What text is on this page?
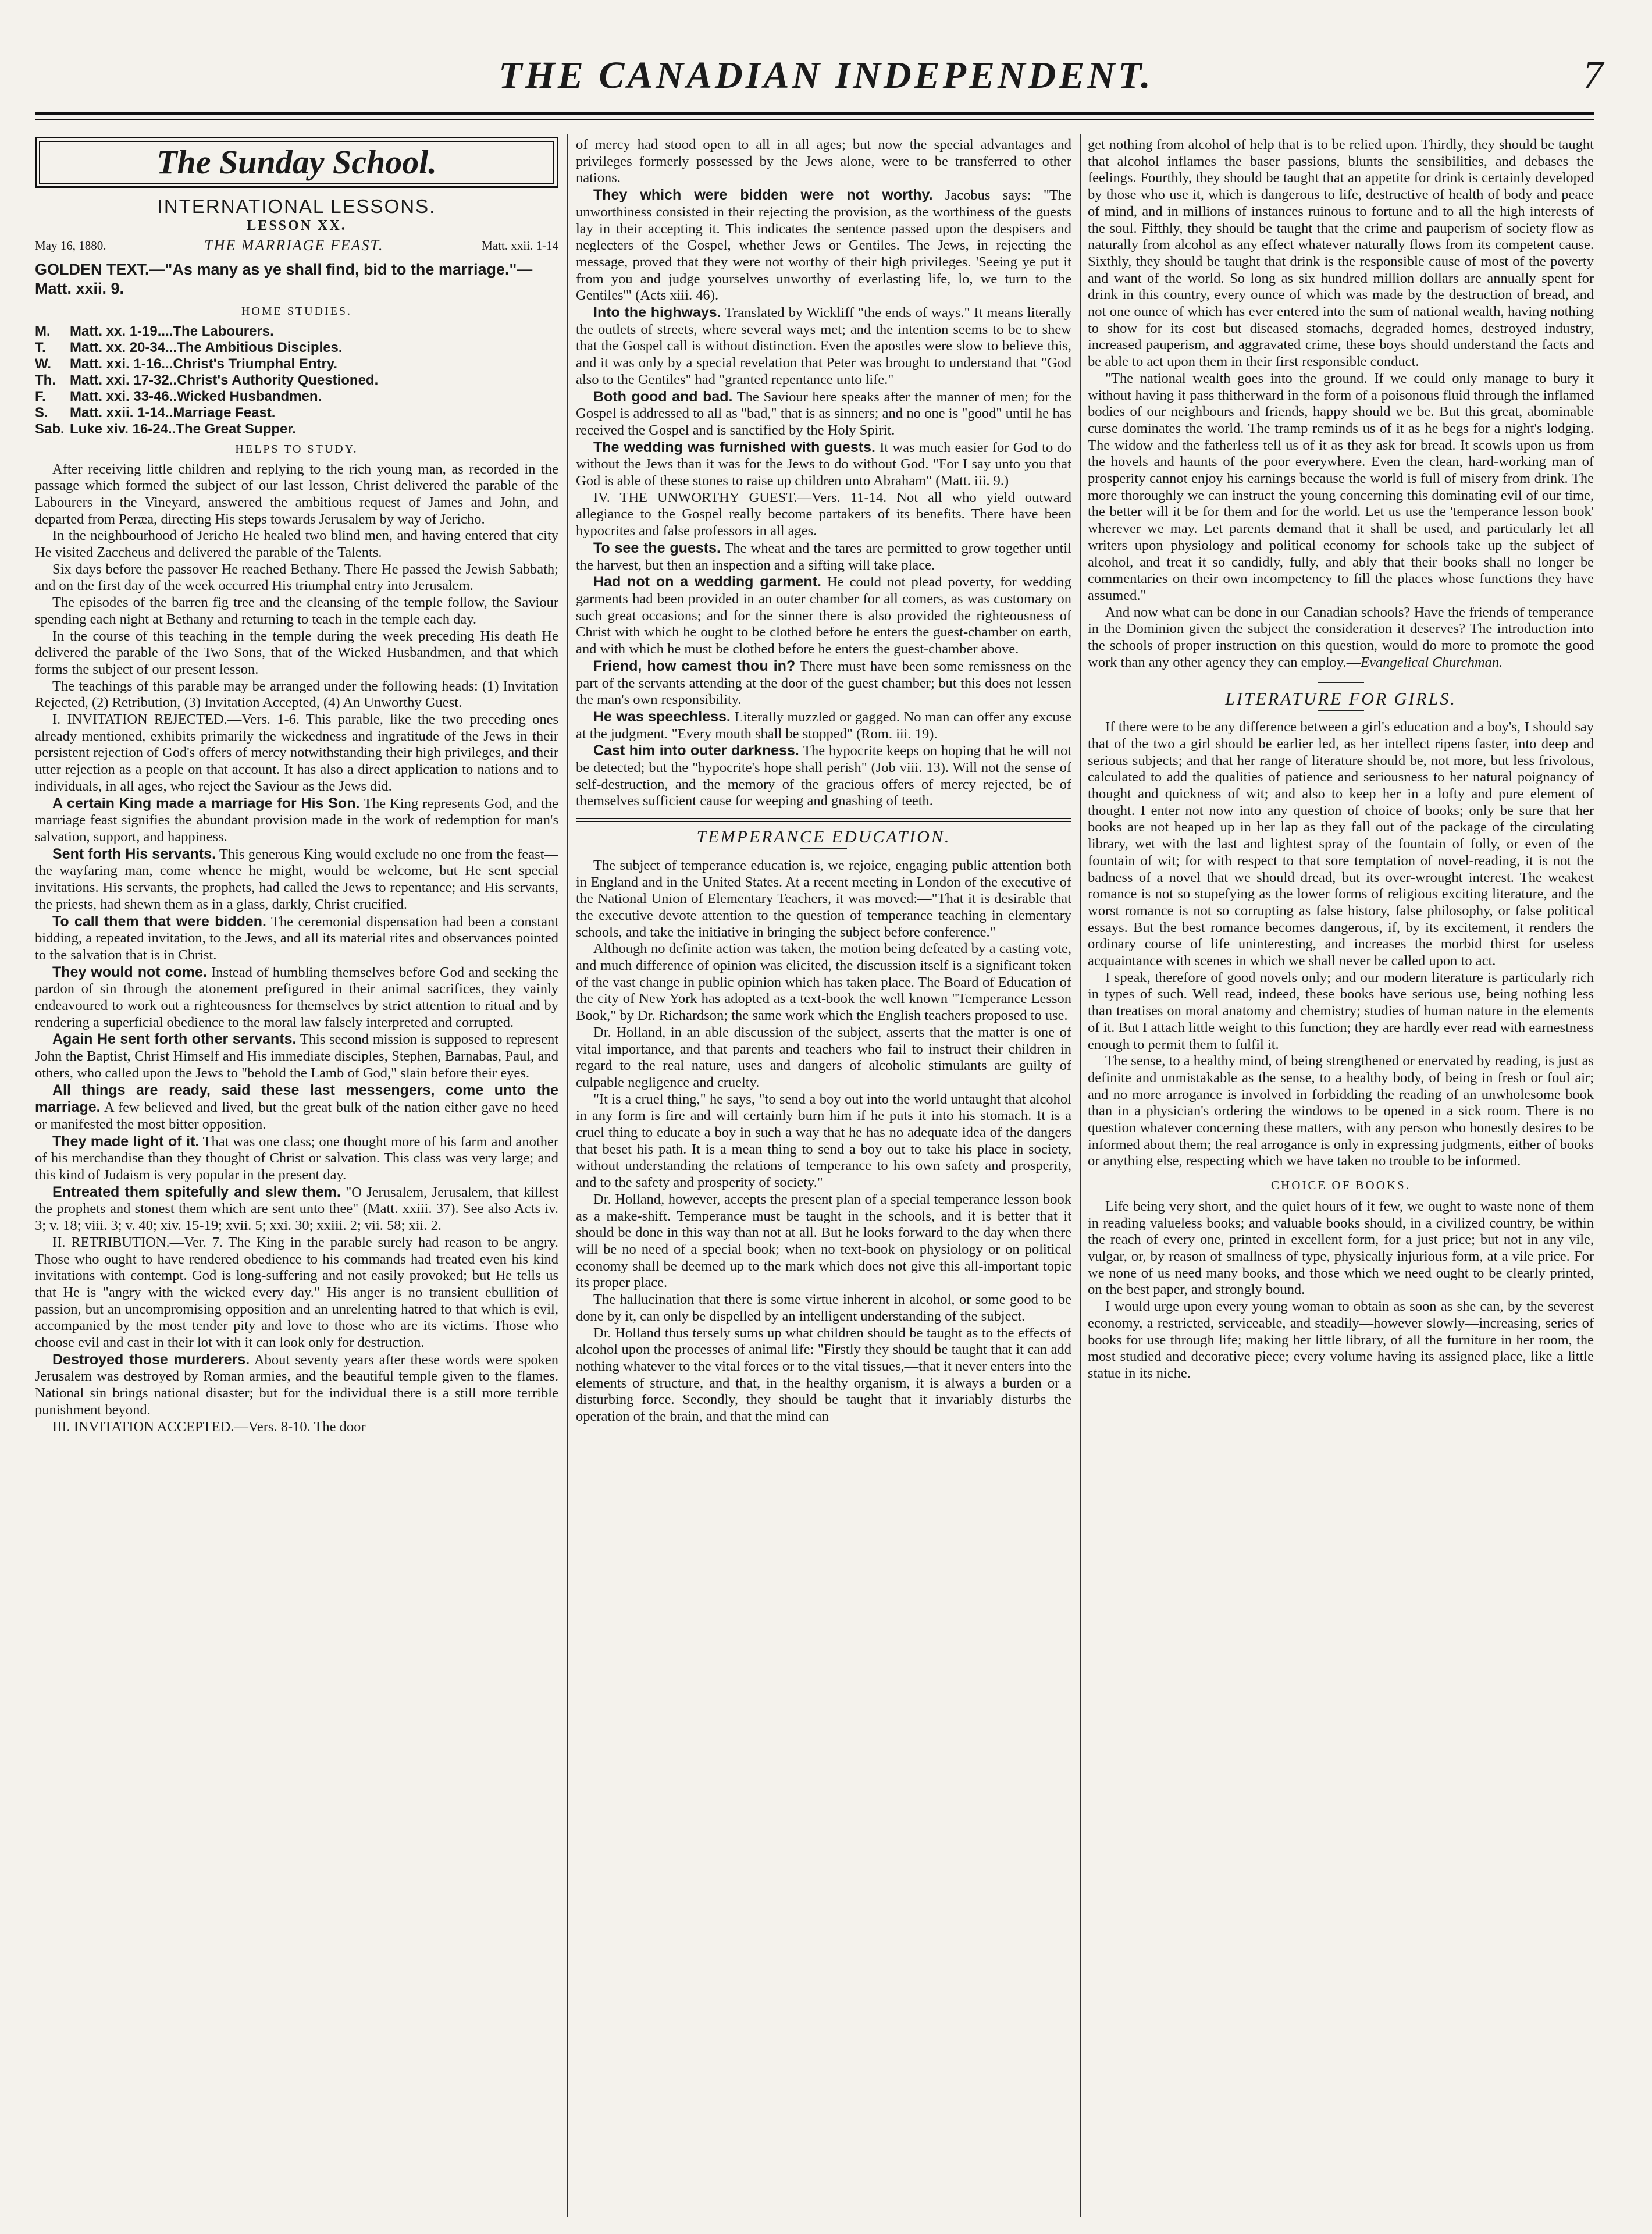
THE CANADIAN INDEPENDENT.	7
The Sunday School.
INTERNATIONAL LESSONS.
LESSON XX.
May 16, 1880.	THE MARRIAGE FEAST.	Matt. xxii. 1-14
GOLDEN TEXT.—"As many as ye shall find, bid to the marriage."—Matt. xxii. 9.
HOME STUDIES.
M.	Matt. xx. 1-19....The Labourers.
T.	Matt. xx. 20-34...The Ambitious Disciples.
W.	Matt. xxi. 1-16...Christ's Triumphal Entry.
Th.	Matt. xxi. 17-32..Christ's Authority Questioned.
F.	Matt. xxi. 33-46..Wicked Husbandmen.
S.	Matt. xxii. 1-14..Marriage Feast.
Sab. Luke xiv. 16-24..The Great Supper.
HELPS TO STUDY.

After receiving little children and replying to the rich young man, as recorded in the passage which formed the subject of our last lesson, Christ delivered the parable of the Labourers in the Vineyard, answered the ambitious request of James and John, and departed from Peræa, directing His steps towards Jerusalem by way of Jericho.

In the neighbourhood of Jericho He healed two blind men, and having entered that city He visited Zaccheus and delivered the parable of the Talents.

Six days before the passover He reached Bethany. There He passed the Jewish Sabbath; and on the first day of the week occurred His triumphal entry into Jerusalem.

The episodes of the barren fig tree and the cleansing of the temple follow, the Saviour spending each night at Bethany and returning to teach in the temple each day.

In the course of this teaching in the temple during the week preceding His death He delivered the parable of the Two Sons, that of the Wicked Husbandmen, and that which forms the subject of our present lesson.

The teachings of this parable may be arranged under the following heads: (1) Invitation Rejected, (2) Retribution, (3) Invitation Accepted, (4) An Unworthy Guest.

I. INVITATION REJECTED.—Vers. 1-6. This parable, like the two preceding ones already mentioned, exhibits primarily the wickedness and ingratitude of the Jews in their persistent rejection of God's offers of mercy notwithstanding their high privileges, and their utter rejection as a people on that account. It has also a direct application to nations and to individuals, in all ages, who reject the Saviour as the Jews did.

A certain King made a marriage for His Son. The King represents God, and the marriage feast signifies the abundant provision made in the work of redemption for man's salvation, support, and happiness.

Sent forth His servants. This generous King would exclude no one from the feast—the wayfaring man, come whence he might, would be welcome, but He sent special invitations. His servants, the prophets, had called the Jews to repentance; and His servants, the priests, had shewn them as in a glass, darkly, Christ crucified.

To call them that were bidden. The ceremonial dispensation had been a constant bidding, a repeated invitation, to the Jews, and all its material rites and observances pointed to the salvation that is in Christ.

They would not come. Instead of humbling themselves before God and seeking the pardon of sin through the atonement prefigured in their animal sacrifices, they vainly endeavoured to work out a righteousness for themselves by strict attention to ritual and by rendering a superficial obedience to the moral law falsely interpreted and corrupted.

Again He sent forth other servants. This second mission is supposed to represent John the Baptist, Christ Himself and His immediate disciples, Stephen, Barnabas, Paul, and others, who called upon the Jews to "behold the Lamb of God," slain before their eyes.

All things are ready, said these last messengers, come unto the marriage. A few believed and lived, but the great bulk of the nation either gave no heed or manifested the most bitter opposition.

They made light of it. That was one class; one thought more of his farm and another of his merchandise than they thought of Christ or salvation. This class was very large; and this kind of Judaism is very popular in the present day.

Entreated them spitefully and slew them. "O Jerusalem, Jerusalem, that killest the prophets and stonest them which are sent unto thee" (Matt. xxiii. 37). See also Acts iv. 3; v. 18; viii. 3; v. 40; xiv. 15-19; xvii. 5; xxi. 30; xxiii. 2; vii. 58; xii. 2.

II. RETRIBUTION.—Ver. 7. The King in the parable surely had reason to be angry. Those who ought to have rendered obedience to his commands had treated even his kind invitations with contempt. God is long-suffering and not easily provoked; but He tells us that He is "angry with the wicked every day." His anger is no transient ebullition of passion, but an uncompromising opposition and an unrelenting hatred to that which is evil, accompanied by the most tender pity and love to those who are its victims. Those who choose evil and cast in their lot with it can look only for destruction.

Destroyed those murderers. About seventy years after these words were spoken Jerusalem was destroyed by Roman armies, and the beautiful temple given to the flames. National sin brings national disaster; but for the individual there is a still more terrible punishment beyond.

III. INVITATION ACCEPTED.—Vers. 8-10. The door

of mercy had stood open to all in all ages; but now the special advantages and privileges formerly possessed by the Jews alone, were to be transferred to other nations.

They which were bidden were not worthy. Jacobus says: "The unworthiness consisted in their rejecting the provision, as the worthiness of the guests lay in their accepting it. This indicates the sentence passed upon the despisers and neglecters of the Gospel, whether Jews or Gentiles. The Jews, in rejecting the message, proved that they were not worthy of their high privileges. 'Seeing ye put it from you and judge yourselves unworthy of everlasting life, lo, we turn to the Gentiles'" (Acts xiii. 46).

Into the highways. Translated by Wickliff "the ends of ways." It means literally the outlets of streets, where several ways met; and the intention seems to be to shew that the Gospel call is without distinction. Even the apostles were slow to believe this, and it was only by a special revelation that Peter was brought to understand that "God also to the Gentiles" had "granted repentance unto life."

Both good and bad. The Saviour here speaks after the manner of men; for the Gospel is addressed to all as "bad," that is as sinners; and no one is "good" until he has received the Gospel and is sanctified by the Holy Spirit.

The wedding was furnished with guests. It was much easier for God to do without the Jews than it was for the Jews to do without God. "For I say unto you that God is able of these stones to raise up children unto Abraham" (Matt. iii. 9.)

IV. THE UNWORTHY GUEST.—Vers. 11-14. Not all who yield outward allegiance to the Gospel really become partakers of its benefits. There have been hypocrites and false professors in all ages.

To see the guests. The wheat and the tares are permitted to grow together until the harvest, but then an inspection and a sifting will take place.

Had not on a wedding garment. He could not plead poverty, for wedding garments had been provided in an outer chamber for all comers, as was customary on such great occasions; and for the sinner there is also provided the righteousness of Christ with which he ought to be clothed before he enters the guest-chamber on earth, and with which he must be clothed before he enters the guest-chamber above.

Friend, how camest thou in? There must have been some remissness on the part of the servants attending at the door of the guest chamber; but this does not lessen the man's own responsibility.

He was speechless. Literally muzzled or gagged. No man can offer any excuse at the judgment. "Every mouth shall be stopped" (Rom. iii. 19).

Cast him into outer darkness. The hypocrite keeps on hoping that he will not be detected; but the "hypocrite's hope shall perish" (Job viii. 13). Will not the sense of self-destruction, and the memory of the gracious offers of mercy rejected, be of themselves sufficient cause for weeping and gnashing of teeth.

TEMPERANCE EDUCATION.

The subject of temperance education is, we rejoice, engaging public attention both in England and in the United States. At a recent meeting in London of the executive of the National Union of Elementary Teachers, it was moved:—"That it is desirable that the executive devote attention to the question of temperance teaching in elementary schools, and take the initiative in bringing the subject before conference."

Although no definite action was taken, the motion being defeated by a casting vote, and much difference of opinion was elicited, the discussion itself is a significant token of the vast change in public opinion which has taken place. The Board of Education of the city of New York has adopted as a text-book the well known "Temperance Lesson Book," by Dr. Richardson; the same work which the English teachers proposed to use.

Dr. Holland, in an able discussion of the subject, asserts that the matter is one of vital importance, and that parents and teachers who fail to instruct their children in regard to the real nature, uses and dangers of alcoholic stimulants are guilty of culpable negligence and cruelty.

"It is a cruel thing," he says, "to send a boy out into the world untaught that alcohol in any form is fire and will certainly burn him if he puts it into his stomach. It is a cruel thing to educate a boy in such a way that he has no adequate idea of the dangers that beset his path. It is a mean thing to send a boy out to take his place in society, without understanding the relations of temperance to his own safety and prosperity, and to the safety and prosperity of society."

Dr. Holland, however, accepts the present plan of a special temperance lesson book as a make-shift. Temperance must be taught in the schools, and it is better that it should be done in this way than not at all. But he looks forward to the day when there will be no need of a special book; when no text-book on physiology or on political economy shall be deemed up to the mark which does not give this all-important topic its proper place.

The hallucination that there is some virtue inherent in alcohol, or some good to be done by it, can only be dispelled by an intelligent understanding of the subject.

Dr. Holland thus tersely sums up what children should be taught as to the effects of alcohol upon the processes of animal life: "Firstly they should be taught that it can add nothing whatever to the vital forces or to the vital tissues,—that it never enters into the elements of structure, and that, in the healthy organism, it is always a burden or a disturbing force. Secondly, they should be taught that it invariably disturbs the operation of the brain, and that the mind can

get nothing from alcohol of help that is to be relied upon. Thirdly, they should be taught that alcohol inflames the baser passions, blunts the sensibilities, and debases the feelings. Fourthly, they should be taught that an appetite for drink is certainly developed by those who use it, which is dangerous to life, destructive of health of body and peace of mind, and in millions of instances ruinous to fortune and to all the high interests of the soul. Fifthly, they should be taught that the crime and pauperism of society flow as naturally from alcohol as any effect whatever naturally flows from its competent cause. Sixthly, they should be taught that drink is the responsible cause of most of the poverty and want of the world. So long as six hundred million dollars are annually spent for drink in this country, every ounce of which was made by the destruction of bread, and not one ounce of which has ever entered into the sum of national wealth, having nothing to show for its cost but diseased stomachs, degraded homes, destroyed industry, increased pauperism, and aggravated crime, these boys should understand the facts and be able to act upon them in their first responsible conduct.

"The national wealth goes into the ground. If we could only manage to bury it without having it pass thitherward in the form of a poisonous fluid through the inflamed bodies of our neighbours and friends, happy should we be. But this great, abominable curse dominates the world. The tramp reminds us of it as he begs for a night's lodging. The widow and the fatherless tell us of it as they ask for bread. It scowls upon us from the hovels and haunts of the poor everywhere. Even the clean, hard-working man of prosperity cannot enjoy his earnings because the world is full of misery from drink. The more thoroughly we can instruct the young concerning this dominating evil of our time, the better will it be for them and for the world. Let us use the 'temperance lesson book' wherever we may. Let parents demand that it shall be used, and particularly let all writers upon physiology and political economy for schools take up the subject of alcohol, and treat it so candidly, fully, and ably that their books shall no longer be commentaries on their own incompetency to fill the places whose functions they have assumed."

And now what can be done in our Canadian schools? Have the friends of temperance in the Dominion given the subject the consideration it deserves? The introduction into the schools of proper instruction on this question, would do more to promote the good work than any other agency they can employ.—Evangelical Churchman.

LITERATURE FOR GIRLS.

If there were to be any difference between a girl's education and a boy's, I should say that of the two a girl should be earlier led, as her intellect ripens faster, into deep and serious subjects; and that her range of literature should be, not more, but less frivolous, calculated to add the qualities of patience and seriousness to her natural poignancy of thought and quickness of wit; and also to keep her in a lofty and pure element of thought. I enter not now into any question of choice of books; only be sure that her books are not heaped up in her lap as they fall out of the package of the circulating library, wet with the last and lightest spray of the fountain of folly, or even of the fountain of wit; for with respect to that sore temptation of novel-reading, it is not the badness of a novel that we should dread, but its over-wrought interest. The weakest romance is not so stupefying as the lower forms of religious exciting literature, and the worst romance is not so corrupting as false history, false philosophy, or false political essays. But the best romance becomes dangerous, if, by its excitement, it renders the ordinary course of life uninteresting, and increases the morbid thirst for useless acquaintance with scenes in which we shall never be called upon to act.

I speak, therefore of good novels only; and our modern literature is particularly rich in types of such. Well read, indeed, these books have serious use, being nothing less than treatises on moral anatomy and chemistry; studies of human nature in the elements of it. But I attach little weight to this function; they are hardly ever read with earnestness enough to permit them to fulfil it.

The sense, to a healthy mind, of being strengthened or enervated by reading, is just as definite and unmistakable as the sense, to a healthy body, of being in fresh or foul air; and no more arrogance is involved in forbidding the reading of an unwholesome book than in a physician's ordering the windows to be opened in a sick room. There is no question whatever concerning these matters, with any person who honestly desires to be informed about them; the real arrogance is only in expressing judgments, either of books or anything else, respecting which we have taken no trouble to be informed.

CHOICE OF BOOKS.

Life being very short, and the quiet hours of it few, we ought to waste none of them in reading valueless books; and valuable books should, in a civilized country, be within the reach of every one, printed in excellent form, for a just price; but not in any vile, vulgar, or, by reason of smallness of type, physically injurious form, at a vile price. For we none of us need many books, and those which we need ought to be clearly printed, on the best paper, and strongly bound.

I would urge upon every young woman to obtain as soon as she can, by the severest economy, a restricted, serviceable, and steadily—however slowly—increasing, series of books for use through life; making her little library, of all the furniture in her room, the most studied and decorative piece; every volume having its assigned place, like a little statue in its niche.
